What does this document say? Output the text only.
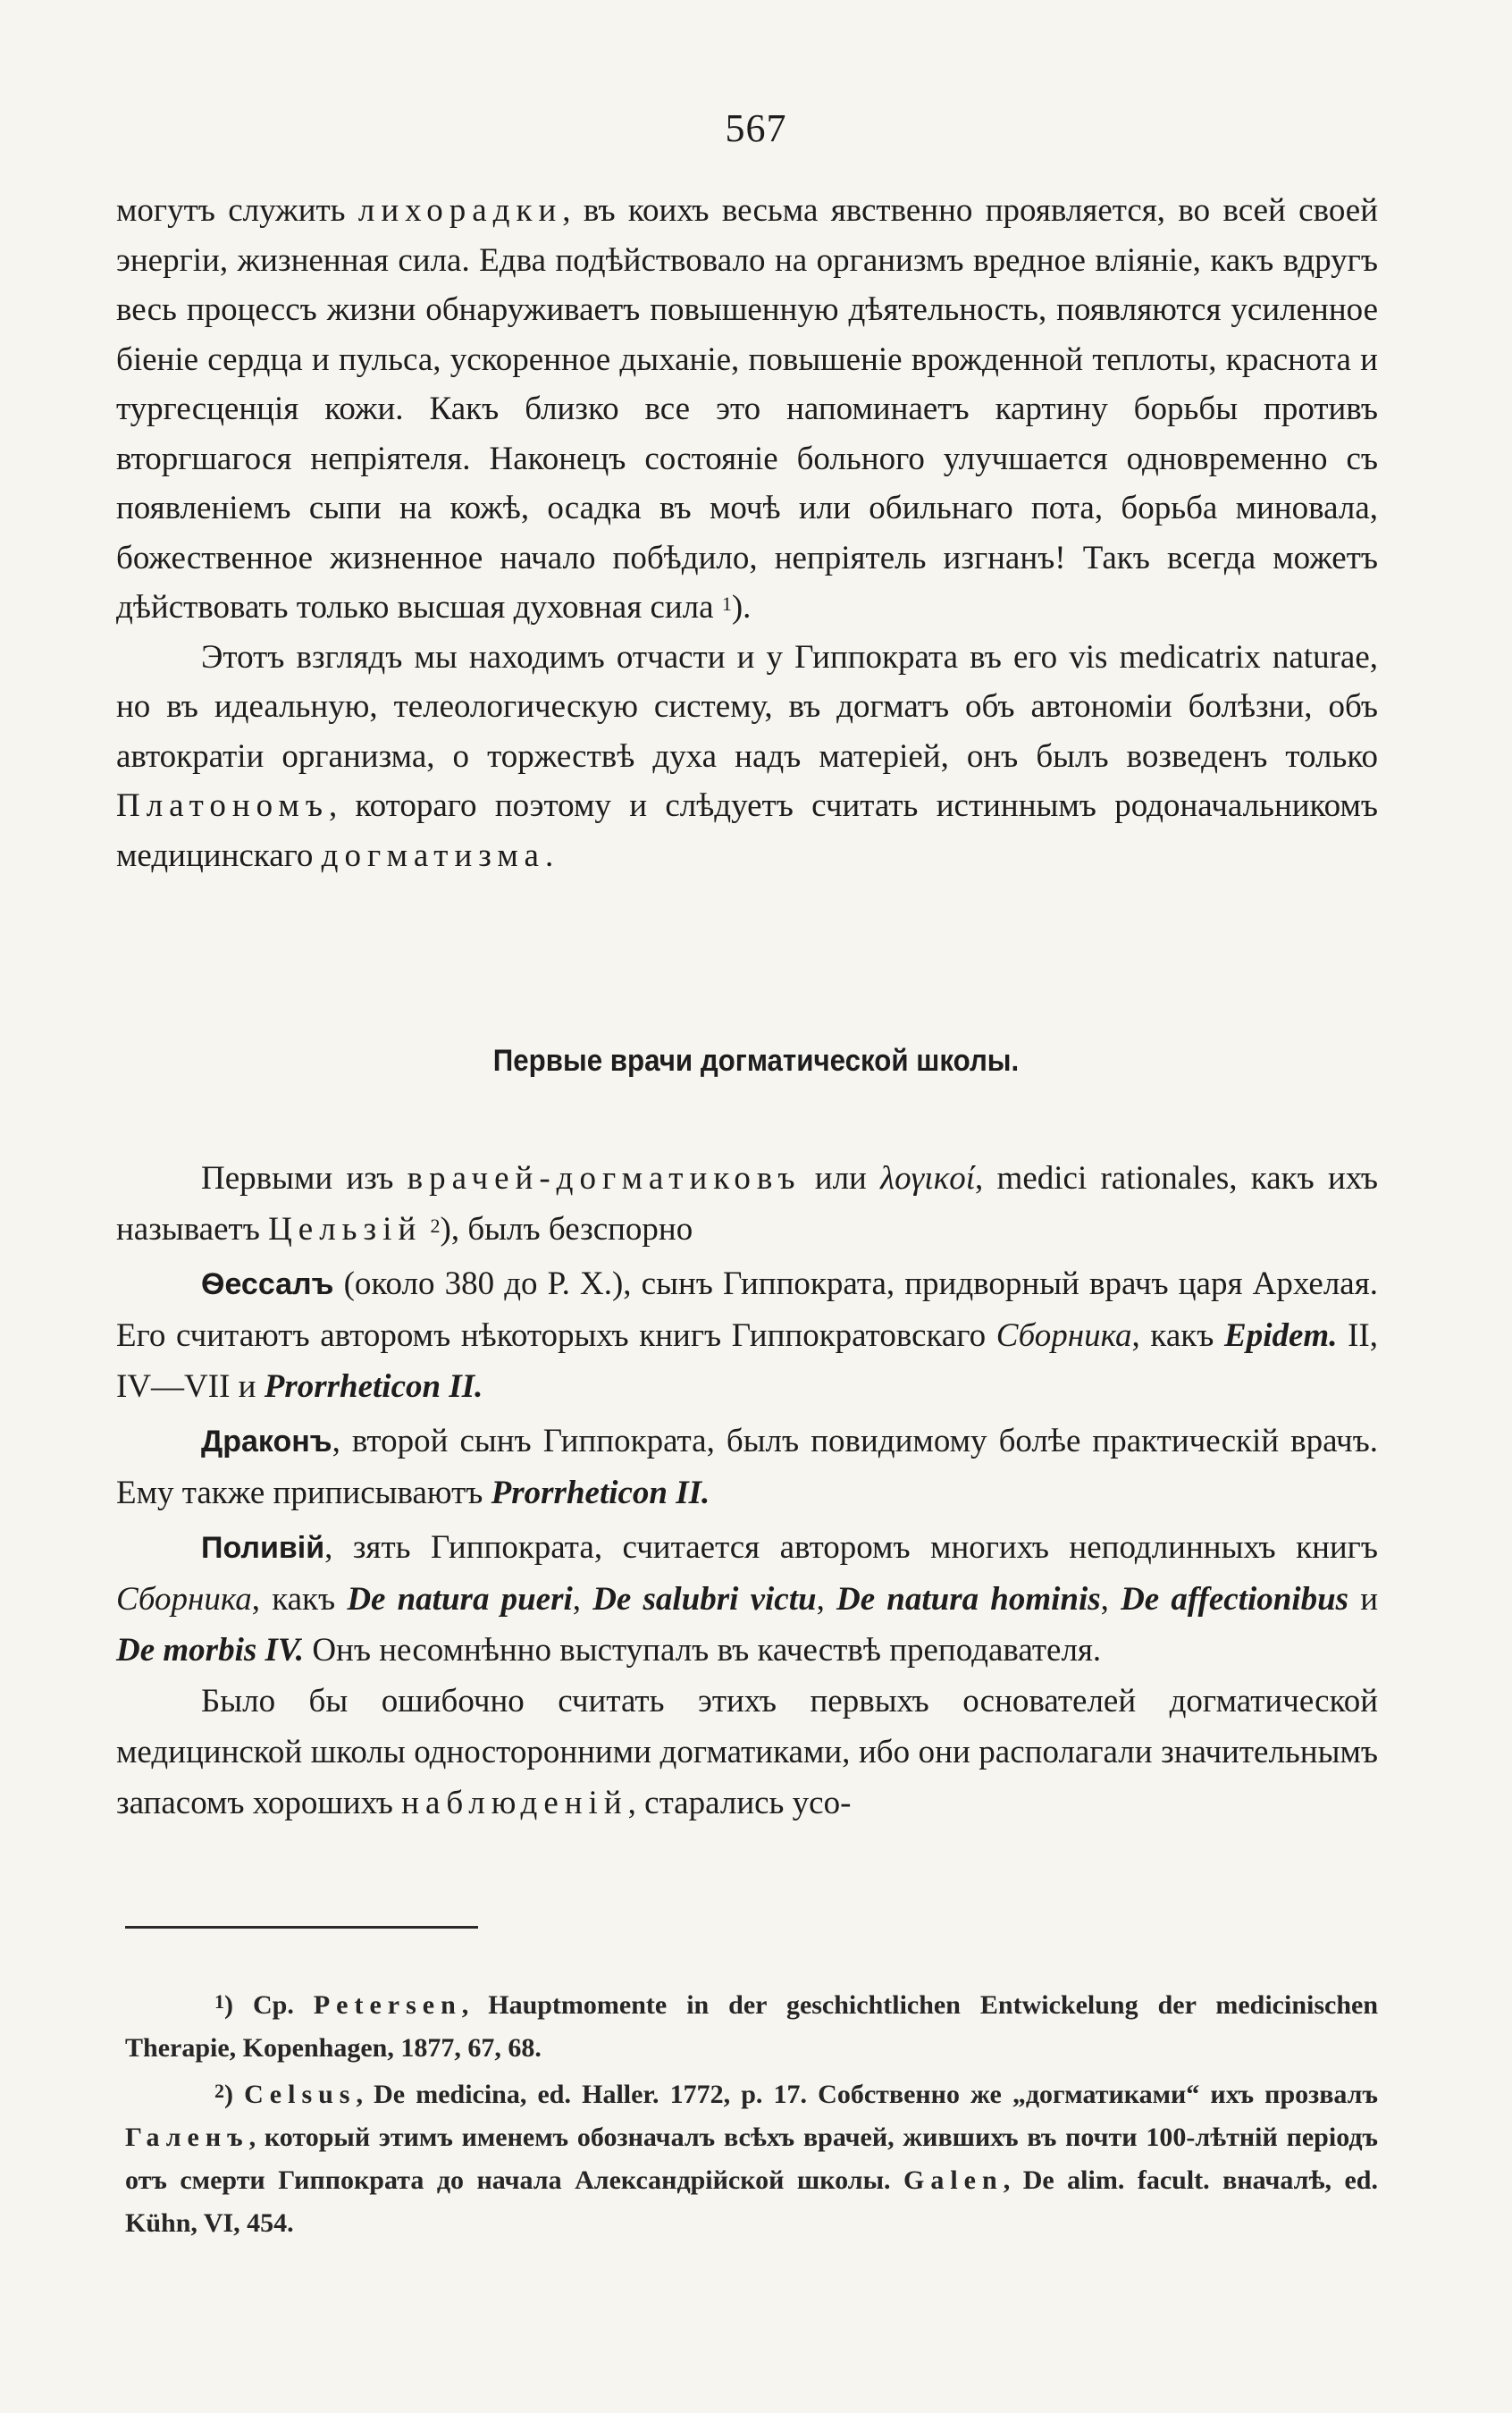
567

могутъ служить лихорадки, въ коихъ весьма явственно проявляется, во всей своей энергіи, жизненная сила. Едва подѣйствовало на организмъ вредное вліяніе, какъ вдругъ весь процессъ жизни обнаруживаетъ повышенную дѣятельность, появляются усиленное біеніе сердца и пульса, ускоренное дыханіе, повышеніе врожденной теплоты, краснота и тургесценція кожи. Какъ близко все это напоминаетъ картину борьбы противъ вторгшагося непріятеля. Наконецъ состояніе больного улучшается одновременно съ появленіемъ сыпи на кожѣ, осадка въ мочѣ или обильнаго пота, борьба миновала, божественное жизненное начало побѣдило, непріятель изгнанъ! Такъ всегда можетъ дѣйствовать только высшая духовная сила $^1$).

Этотъ взглядъ мы находимъ отчасти и у Гиппократа въ его vis medicatrix naturae, но въ идеальную, телеологическую систему, въ догматъ объ автономіи болѣзни, объ автократіи организма, о торжествѣ духа надъ матеріей, онъ былъ возведенъ только Платономъ, котораго поэтому и слѣдуетъ считать истиннымъ родоначальникомъ медицинскаго догматизма.

Первые врачи догматической школы.

Первыми изъ врачей-догматиковъ или λογικοί, medici rationales, какъ ихъ называетъ Цельзій $^2$), былъ безспорно

Ѳессалъ (около 380 до Р. Х.), сынъ Гиппократа, придворный врачъ царя Архелая. Его считаютъ авторомъ нѣкоторыхъ книгъ Гиппократовскаго Сборника, какъ Epidem. II, IV—VII и Prorrheticon II.

Драконъ, второй сынъ Гиппократа, былъ повидимому болѣе практическій врачъ. Ему также приписываютъ Prorrheticon II.

Поливій, зять Гиппократа, считается авторомъ многихъ неподлинныхъ книгъ Сборника, какъ De natura pueri, De salubri victu, De natura hominis, De affectionibus и De morbis IV. Онъ несомнѣнно выступалъ въ качествѣ преподавателя.

Было бы ошибочно считать этихъ первыхъ основателей догматической медицинской школы односторонними догматиками, ибо они располагали значительнымъ запасомъ хорошихъ наблюденій, старались усо-

$^1$) Cp. Petersen, Hauptmomente in der geschichtlichen Entwickelung der medicinischen Therapie, Kopenhagen, 1877, 67, 68.

$^2$) Celsus, De medicina, ed. Haller. 1772, p. 17. Собственно же „догматиками“ ихъ прозвалъ Галенъ, который этимъ именемъ обозначалъ всѣхъ врачей, жившихъ въ почти 100-лѣтній періодъ отъ смерти Гиппократа до начала Александрійской школы. Galen, De alim. facult. вначалѣ, ed. Kühn, VI, 454.
